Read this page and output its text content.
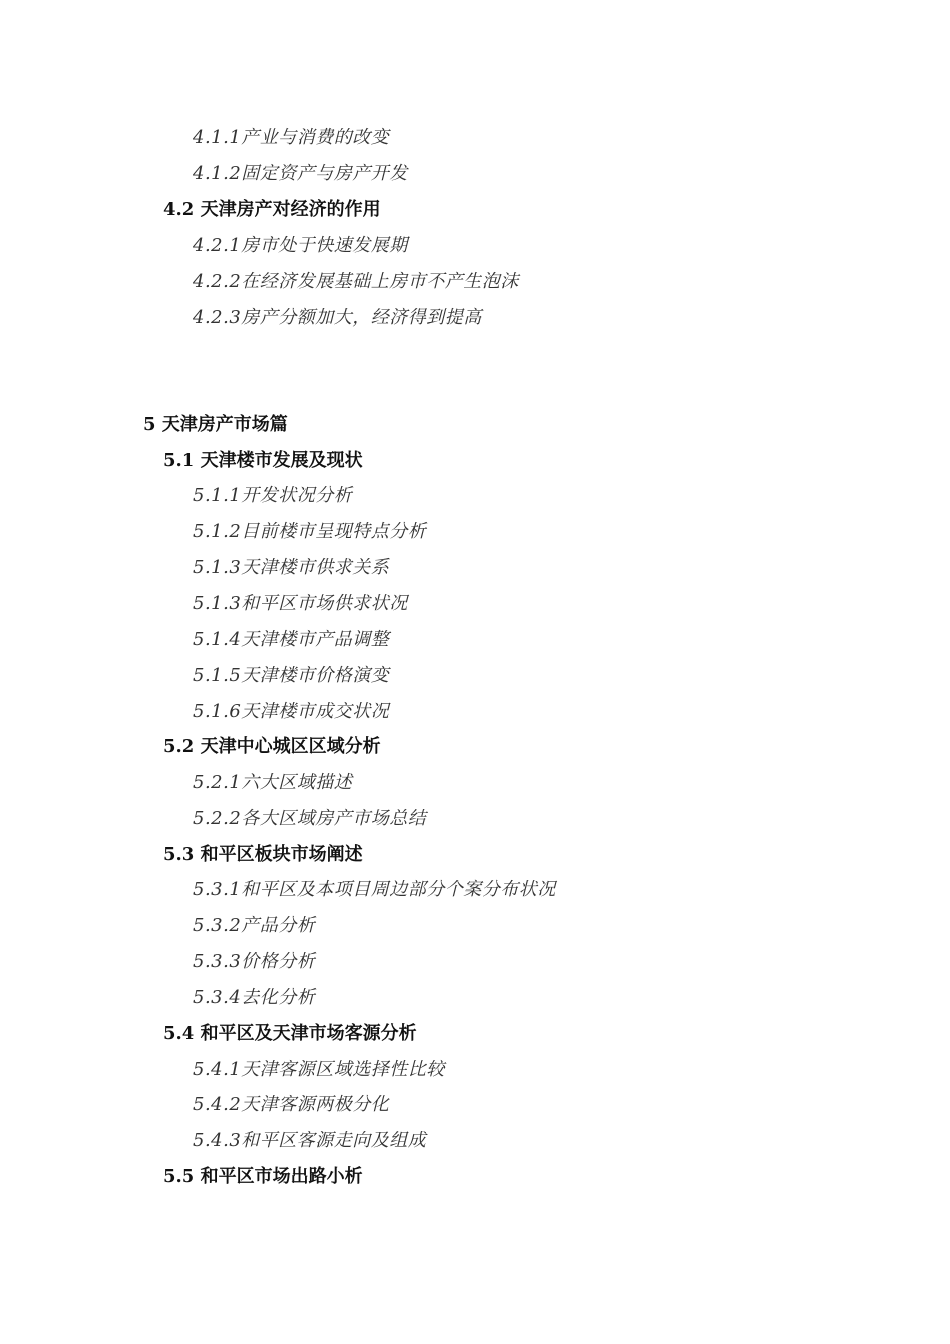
4.1.1产业与消费的改变
4.1.2固定资产与房产开发
4.2 天津房产对经济的作用
4.2.1房市处于快速发展期
4.2.2在经济发展基础上房市不产生泡沫
4.2.3房产分额加大，经济得到提高
5 天津房产市场篇
5.1 天津楼市发展及现状
5.1.1开发状况分析
5.1.2目前楼市呈现特点分析
5.1.3天津楼市供求关系
5.1.3和平区市场供求状况
5.1.4天津楼市产品调整
5.1.5天津楼市价格演变
5.1.6天津楼市成交状况
5.2 天津中心城区区域分析
5.2.1六大区域描述
5.2.2各大区域房产市场总结
5.3 和平区板块市场阐述
5.3.1和平区及本项目周边部分个案分布状况
5.3.2产品分析
5.3.3价格分析
5.3.4去化分析
5.4 和平区及天津市场客源分析
5.4.1天津客源区域选择性比较
5.4.2天津客源两极分化
5.4.3和平区客源走向及组成
5.5 和平区市场出路小析
